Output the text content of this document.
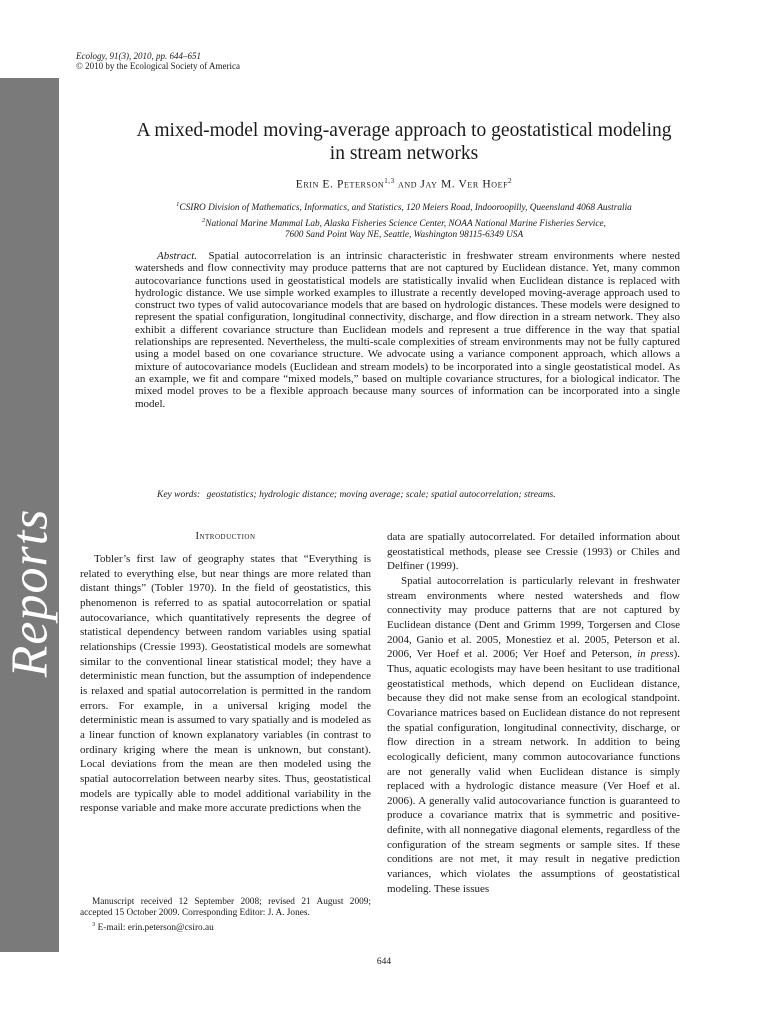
Reports
Ecology, 91(3), 2010, pp. 644–651
© 2010 by the Ecological Society of America
A mixed-model moving-average approach to geostatistical modeling
in stream networks
Erin E. Peterson$^{1,3}$ and Jay M. Ver Hoef$^2$
$^1$CSIRO Division of Mathematics, Informatics, and Statistics, 120 Meiers Road, Indooroopilly, Queensland 4068 Australia
$^2$National Marine Mammal Lab, Alaska Fisheries Science Center, NOAA National Marine Fisheries Service,
7600 Sand Point Way NE, Seattle, Washington 98115-6349 USA
Abstract. Spatial autocorrelation is an intrinsic characteristic in freshwater stream environments where nested watersheds and flow connectivity may produce patterns that are not captured by Euclidean distance. Yet, many common autocovariance functions used in geostatistical models are statistically invalid when Euclidean distance is replaced with hydrologic distance. We use simple worked examples to illustrate a recently developed moving-average approach used to construct two types of valid autocovariance models that are based on hydrologic distances. These models were designed to represent the spatial configuration, longitudinal connectivity, discharge, and flow direction in a stream network. They also exhibit a different covariance structure than Euclidean models and represent a true difference in the way that spatial relationships are represented. Nevertheless, the multi-scale complexities of stream environments may not be fully captured using a model based on one covariance structure. We advocate using a variance component approach, which allows a mixture of autocovariance models (Euclidean and stream models) to be incorporated into a single geostatistical model. As an example, we fit and compare “mixed models,” based on multiple covariance structures, for a biological indicator. The mixed model proves to be a flexible approach because many sources of information can be incorporated into a single model.
Key words: geostatistics; hydrologic distance; moving average; scale; spatial autocorrelation; streams.
Introduction

Tobler’s first law of geography states that “Everything is related to everything else, but near things are more related than distant things” (Tobler 1970). In the field of geostatistics, this phenomenon is referred to as spatial autocorrelation or spatial autocovariance, which quantitatively represents the degree of statistical dependency between random variables using spatial relationships (Cressie 1993). Geostatistical models are somewhat similar to the conventional linear statistical model; they have a deterministic mean function, but the assumption of independence is relaxed and spatial autocorrelation is permitted in the random errors. For example, in a universal kriging model the deterministic mean is assumed to vary spatially and is modeled as a linear function of known explanatory variables (in contrast to ordinary kriging where the mean is unknown, but constant). Local deviations from the mean are then modeled using the spatial autocorrelation between nearby sites. Thus, geostatistical models are typically able to model additional variability in the response variable and make more accurate predictions when the

data are spatially autocorrelated. For detailed information about geostatistical methods, please see Cressie (1993) or Chiles and Delfiner (1999).

Spatial autocorrelation is particularly relevant in freshwater stream environments where nested watersheds and flow connectivity may produce patterns that are not captured by Euclidean distance (Dent and Grimm 1999, Torgersen and Close 2004, Ganio et al. 2005, Monestiez et al. 2005, Peterson et al. 2006, Ver Hoef et al. 2006; Ver Hoef and Peterson, in press). Thus, aquatic ecologists may have been hesitant to use traditional geostatistical methods, which depend on Euclidean distance, because they did not make sense from an ecological standpoint. Covariance matrices based on Euclidean distance do not represent the spatial configuration, longitudinal connectivity, discharge, or flow direction in a stream network. In addition to being ecologically deficient, many common autocovariance functions are not generally valid when Euclidean distance is simply replaced with a hydrologic distance measure (Ver Hoef et al. 2006). A generally valid autocovariance function is guaranteed to produce a covariance matrix that is symmetric and positive-definite, with all nonnegative diagonal elements, regardless of the configuration of the stream segments or sample sites. If these conditions are not met, it may result in negative prediction variances, which violates the assumptions of geostatistical modeling. These issues

Manuscript received 12 September 2008; revised 21 August 2009; accepted 15 October 2009. Corresponding Editor: J. A. Jones.

$^3$ E-mail: erin.peterson@csiro.au

644
